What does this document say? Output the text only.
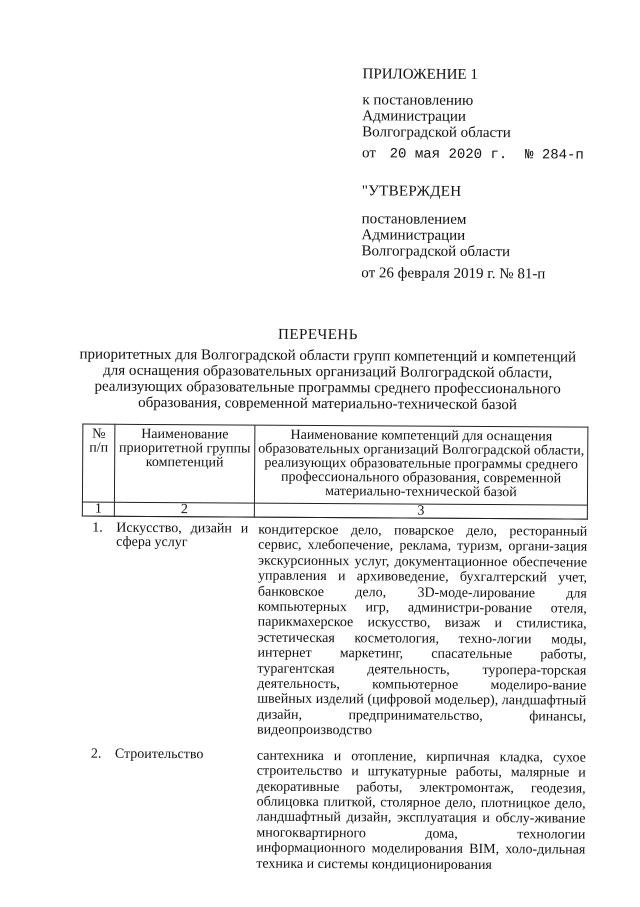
ПРИЛОЖЕНИЕ 1
к постановлению
Администрации
Волгоградской области
от 20 мая 2020 г. № 284-п
"УТВЕРЖДЕН
постановлением
Администрации
Волгоградской области
от 26 февраля 2019 г. № 81-п
ПЕРЕЧЕНЬ
приоритетных для Волгоградской области групп компетенций и компетенций
для оснащения образовательных организаций Волгоградской области,
реализующих образовательные программы среднего профессионального
образования, современной материально-технической базой
№ п/п	Наименование приоритетной группы компетенций	Наименование компетенций для оснащения образовательных организаций Волгоградской области, реализующих образовательные программы среднего профессионального образования, современной материально-технической базой

1	2	3

1.	Искусство, дизайн и сфера услуг	кондитерское дело, поварское дело, ресторанный сервис, хлебопечение, реклама, туризм, органи-зация экскурсионных услуг, документационное обеспечение управления и архивоведение, бухгалтерский учет, банковское дело, 3D-моде-лирование для компьютерных игр, администри-рование отеля, парикмахерское искусство, визаж и стилистика, эстетическая косметология, техно-логии моды, интернет маркетинг, спасательные работы, турагентская деятельность, туропера-торская деятельность, компьютерное моделиро-вание швейных изделий (цифровой модельер), ландшафтный дизайн, предпринимательство, финансы, видеопроизводство
2.	Строительство	сантехника и отопление, кирпичная кладка, сухое строительство и штукатурные работы, малярные и декоративные работы, электромонтаж, геодезия, облицовка плиткой, столярное дело, плотницкое дело, ландшафтный дизайн, эксплуатация и обслу-живание многоквартирного дома, технологии информационного моделирования BIM, холо-дильная техника и системы кондиционирования
